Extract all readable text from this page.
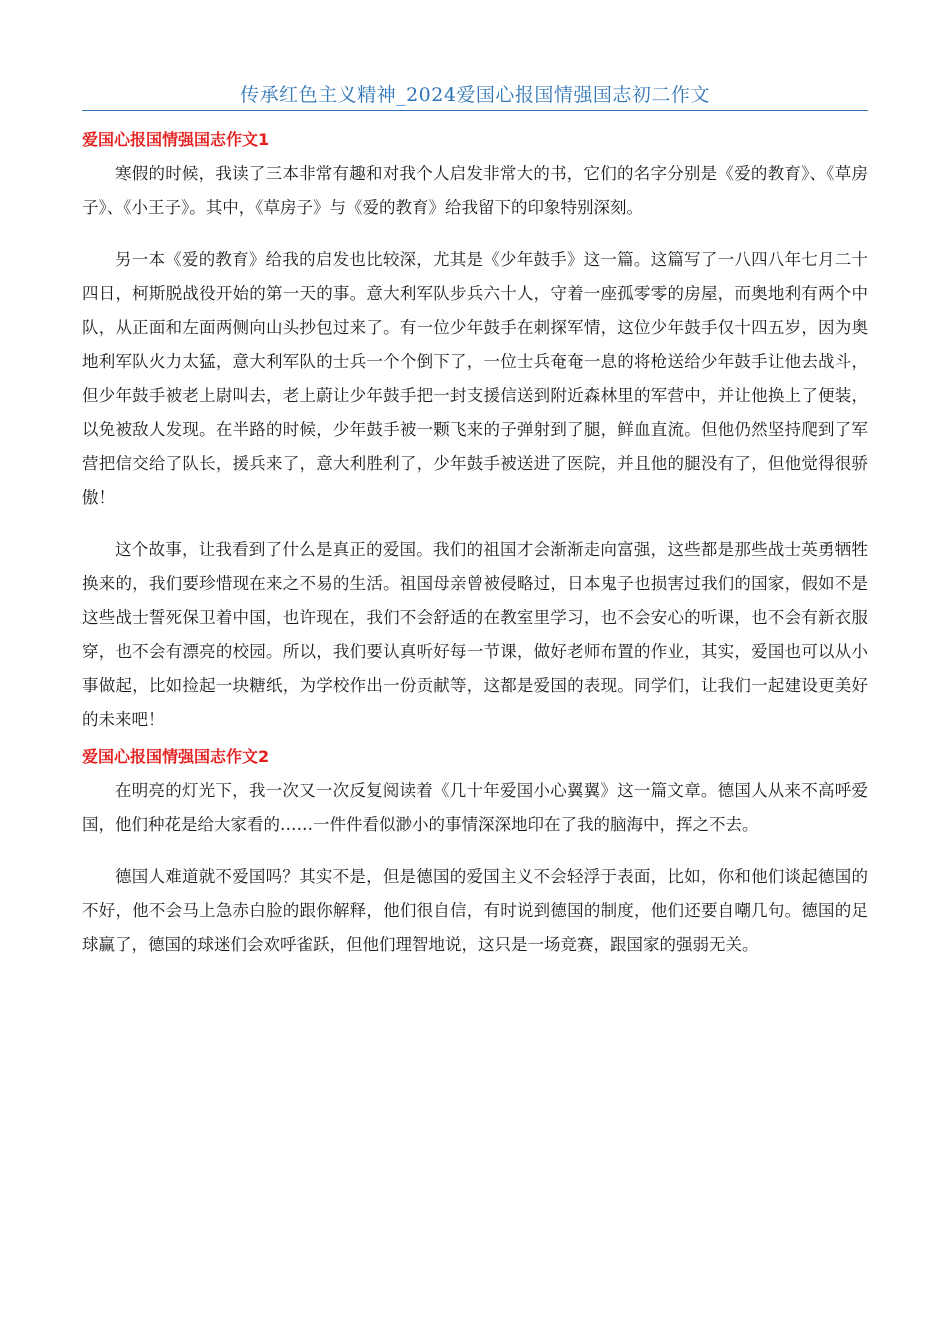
传承红色主义精神_2024爱国心报国情强国志初二作文
爱国心报国情强国志作文1

寒假的时候，我读了三本非常有趣和对我个人启发非常大的书，它们的名字分别是《爱的教育》、《草房子》、《小王子》。其中，《草房子》与《爱的教育》给我留下的印象特别深刻。

另一本《爱的教育》给我的启发也比较深，尤其是《少年鼓手》这一篇。这篇写了一八四八年七月二十四日，柯斯脱战役开始的第一天的事。意大利军队步兵六十人，守着一座孤零零的房屋，而奥地利有两个中队，从正面和左面两侧向山头抄包过来了。有一位少年鼓手在刺探军情，这位少年鼓手仅十四五岁，因为奥地利军队火力太猛，意大利军队的士兵一个个倒下了，一位士兵奄奄一息的将枪送给少年鼓手让他去战斗，但少年鼓手被老上尉叫去，老上蔚让少年鼓手把一封支援信送到附近森林里的军营中，并让他换上了便装，以免被敌人发现。在半路的时候，少年鼓手被一颗飞来的子弹射到了腿，鲜血直流。但他仍然坚持爬到了军营把信交给了队长，援兵来了，意大利胜利了，少年鼓手被送进了医院，并且他的腿没有了，但他觉得很骄傲！

这个故事，让我看到了什么是真正的爱国。我们的祖国才会渐渐走向富强，这些都是那些战士英勇牺牲换来的，我们要珍惜现在来之不易的生活。祖国母亲曾被侵略过，日本鬼子也损害过我们的国家，假如不是这些战士誓死保卫着中国，也许现在，我们不会舒适的在教室里学习，也不会安心的听课，也不会有新衣服穿，也不会有漂亮的校园。所以，我们要认真听好每一节课，做好老师布置的作业，其实，爱国也可以从小事做起，比如捡起一块糖纸，为学校作出一份贡献等，这都是爱国的表现。同学们，让我们一起建设更美好的未来吧！

爱国心报国情强国志作文2

在明亮的灯光下，我一次又一次反复阅读着《几十年爱国小心翼翼》这一篇文章。德国人从来不高呼爱国，他们种花是给大家看的……一件件看似渺小的事情深深地印在了我的脑海中，挥之不去。

德国人难道就不爱国吗？其实不是，但是德国的爱国主义不会轻浮于表面，比如，你和他们谈起德国的不好，他不会马上急赤白脸的跟你解释，他们很自信，有时说到德国的制度，他们还要自嘲几句。德国的足球赢了，德国的球迷们会欢呼雀跃，但他们理智地说，这只是一场竞赛，跟国家的强弱无关。
